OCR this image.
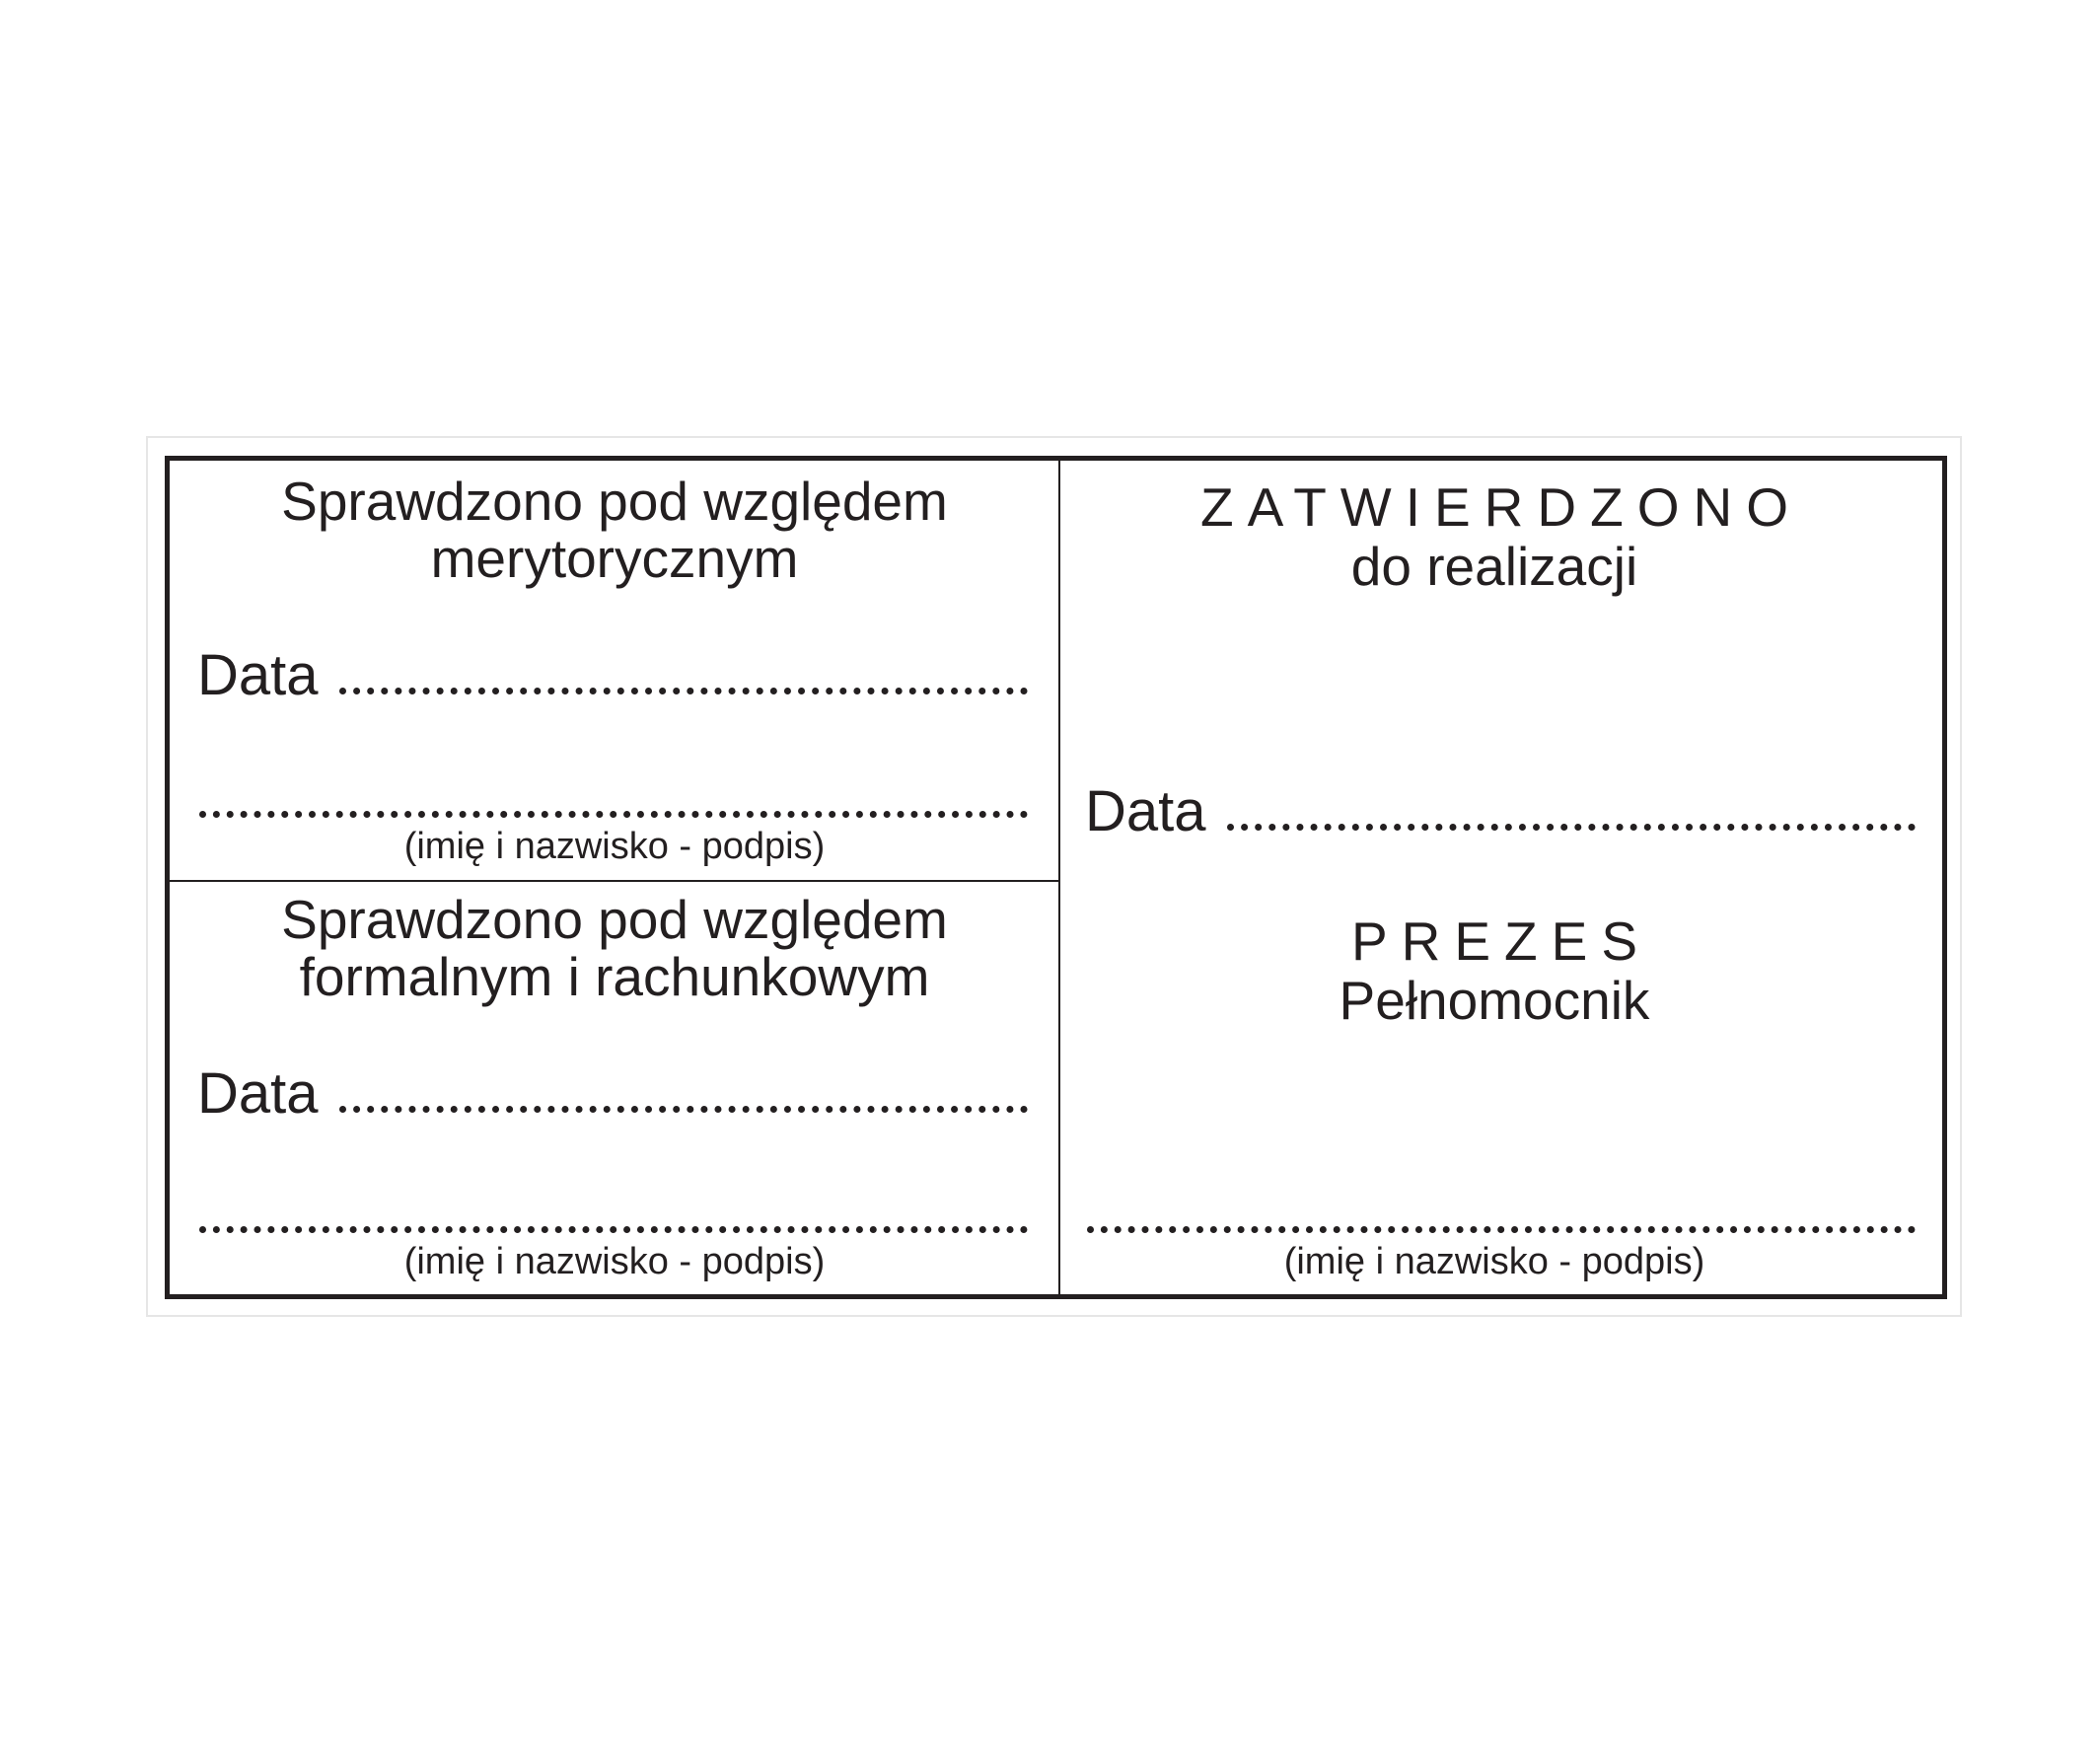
Sprawdzono pod względem
merytorycznym
Data
(imię i nazwisko - podpis)
Sprawdzono pod względem
formalnym i rachunkowym
Data
(imię i nazwisko - podpis)
ZATWIERDZONO
do realizacji
Data
PREZES
Pełnomocnik
(imię i nazwisko - podpis)
